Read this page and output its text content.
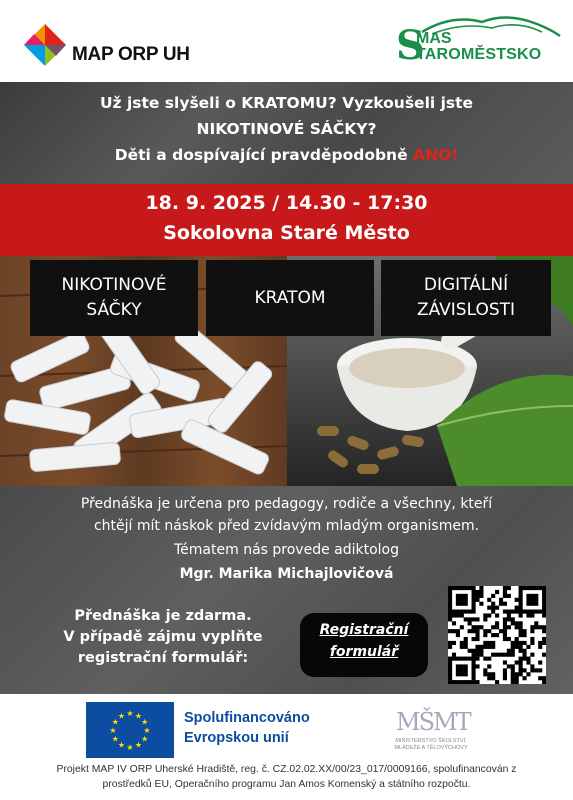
MAP ORP UH	S
MAS
TAROMĚSTSKO
Už jste slyšeli o KRATOMU? Vyzkoušeli jste
NIKOTINOVÉ SÁČKY?
Děti a dospívající pravděpodobně ANO!
18. 9. 2025 / 14.30 - 17:30
Sokolovna Staré Město
NIKOTINOVÉ
SÁČKY
KRATOM
DIGITÁLNÍ
ZÁVISLOSTI
Přednáška je určena pro pedagogy, rodiče a všechny, kteří
chtějí mít náskok před zvídavým mladým organismem.
Tématem nás provede adiktolog
Mgr. Marika Michajlovičová
Přednáška je zdarma.
V případě zájmu vyplňte
registrační formulář:
Registrační
formulář
★
★
★
★
★
★
★
★
★ ★ ★
★ Spolufinancováno
Evropskou unií
MŠMT
MINISTERSTVO ŠKOLSTVÍ,
MLÁDEŽE A TĚLOVÝCHOVY
Projekt MAP IV ORP Uherské Hradiště, reg. č. CZ.02.02.XX/00/23_017/0009166, spolufinancován z
prostředků EU, Operačního programu Jan Amos Komenský a státního rozpočtu.
